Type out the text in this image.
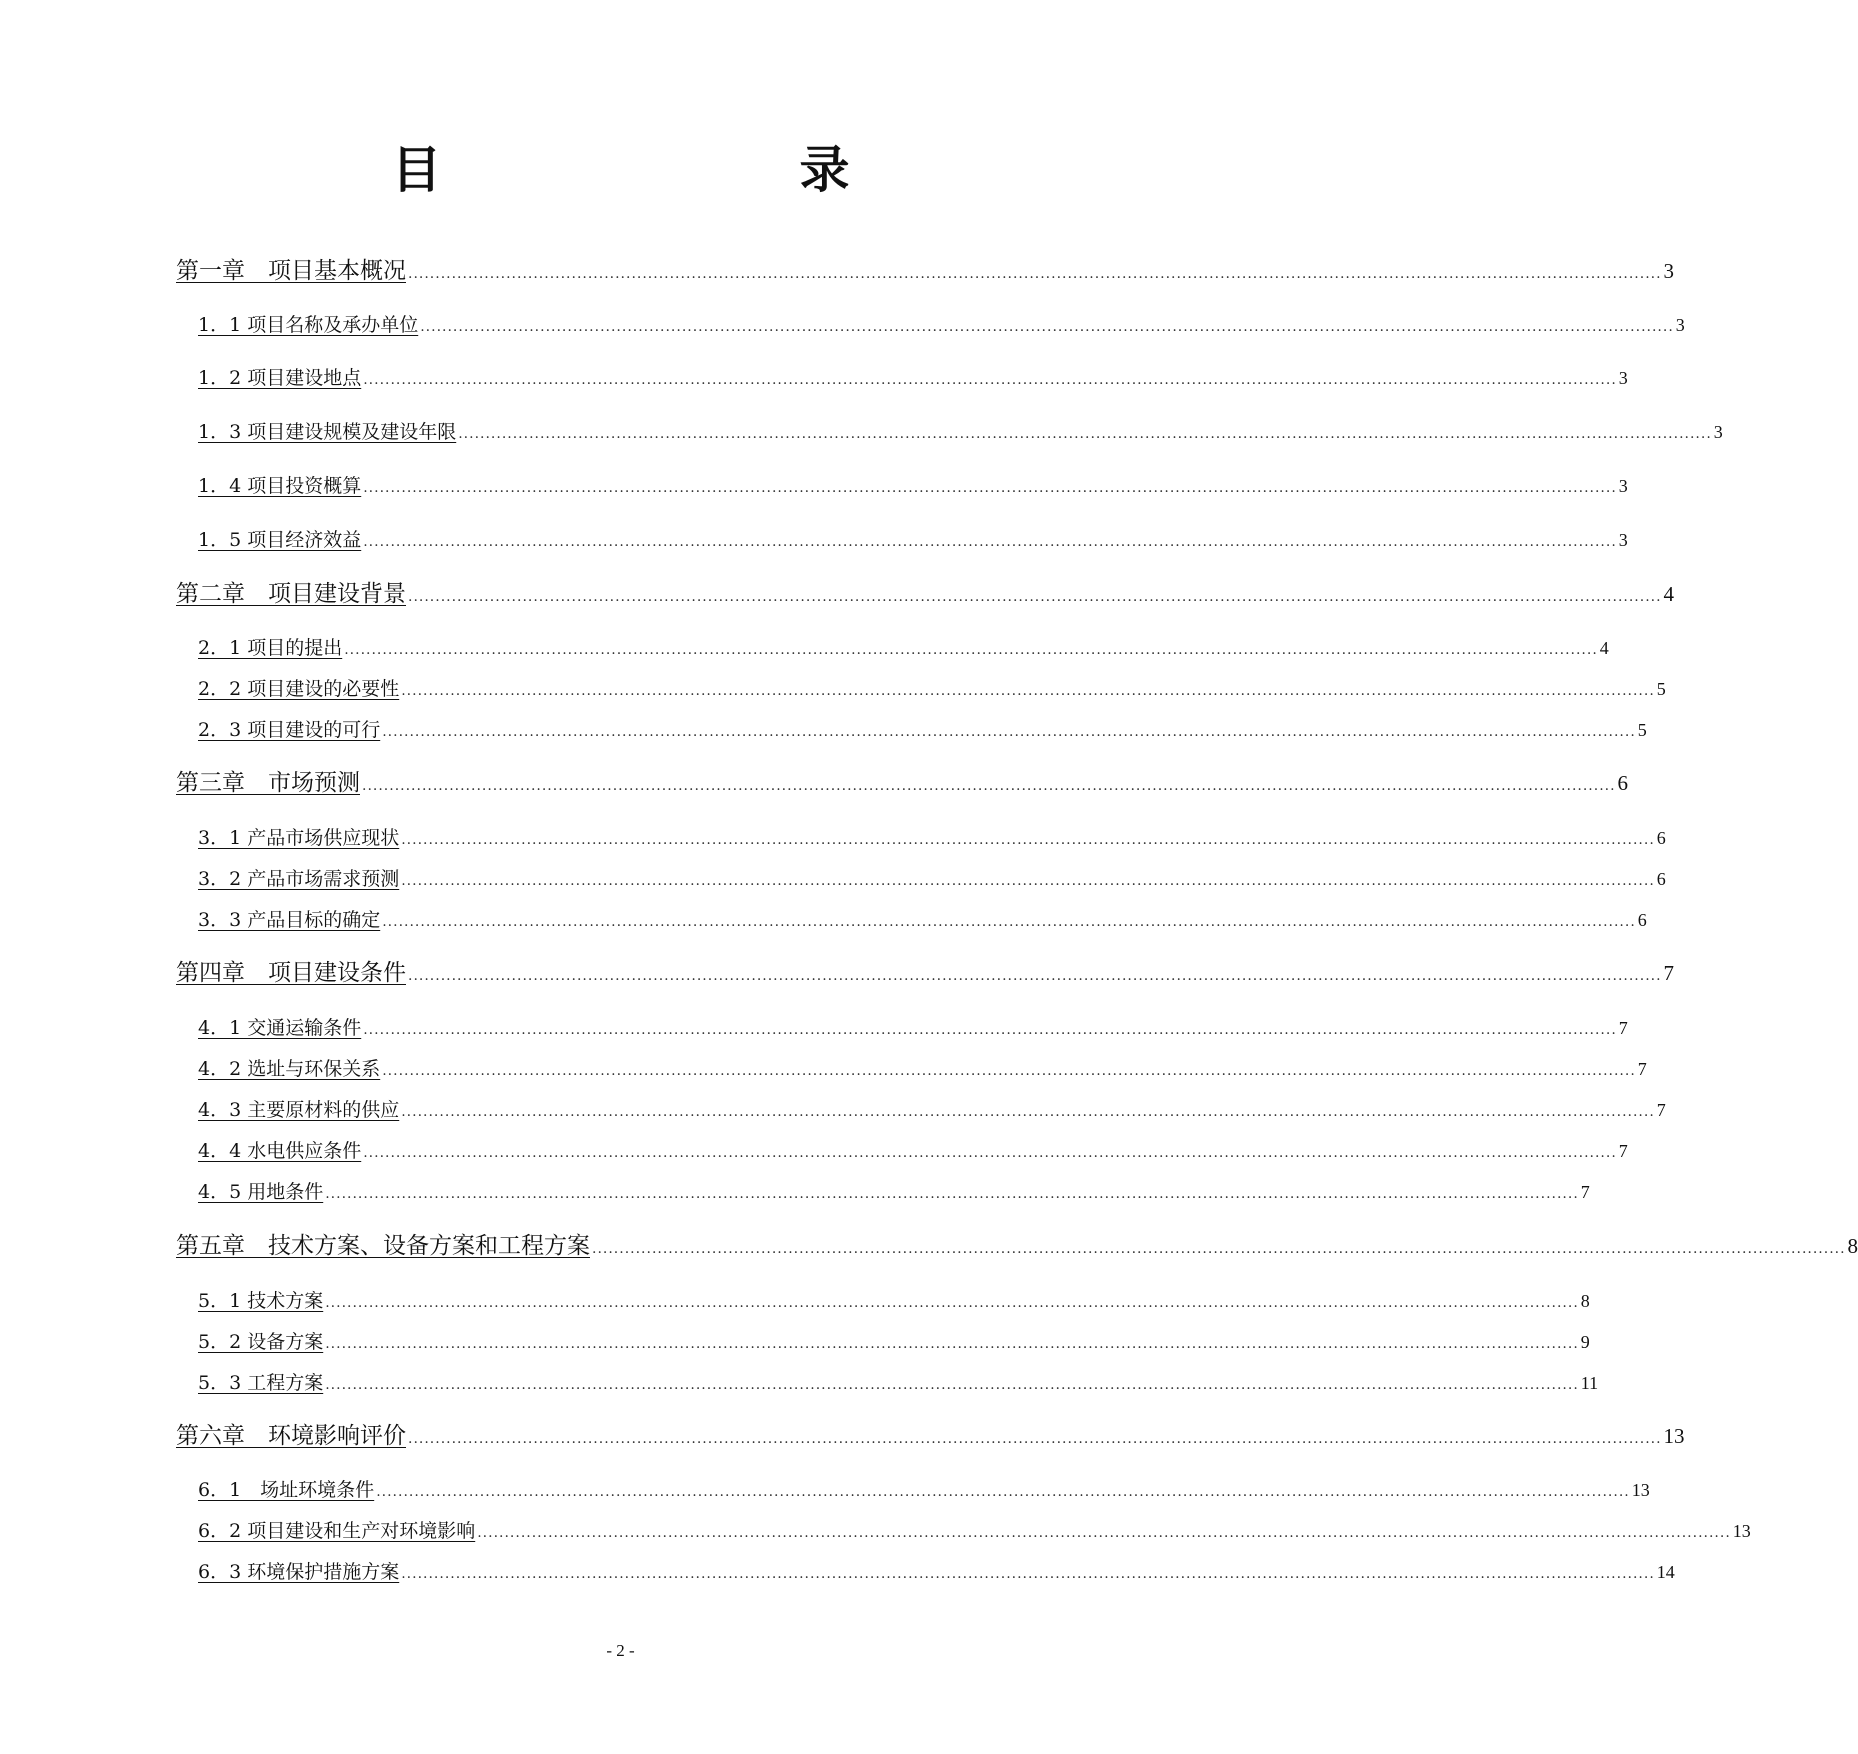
目　　录
第一章　项目基本概况 ...................................................................................................................................................................................................................................... 3
1．1 项目名称及承办单位 ...................................................................................................................................................................................................................................... 3
1．2 项目建设地点 ...................................................................................................................................................................................................................................... 3
1．3 项目建设规模及建设年限 ...................................................................................................................................................................................................................................... 3
1．4 项目投资概算 ...................................................................................................................................................................................................................................... 3
1．5 项目经济效益 ...................................................................................................................................................................................................................................... 3
第二章　项目建设背景 ...................................................................................................................................................................................................................................... 4
2．1 项目的提出 ...................................................................................................................................................................................................................................... 4
2．2 项目建设的必要性 ...................................................................................................................................................................................................................................... 5
2．3 项目建设的可行 ...................................................................................................................................................................................................................................... 5
第三章　市场预测 ...................................................................................................................................................................................................................................... 6
3．1 产品市场供应现状 ...................................................................................................................................................................................................................................... 6
3．2 产品市场需求预测 ...................................................................................................................................................................................................................................... 6
3．3 产品目标的确定 ...................................................................................................................................................................................................................................... 6
第四章　项目建设条件 ...................................................................................................................................................................................................................................... 7
4．1 交通运输条件 ...................................................................................................................................................................................................................................... 7
4．2 选址与环保关系 ...................................................................................................................................................................................................................................... 7
4．3 主要原材料的供应 ...................................................................................................................................................................................................................................... 7
4．4 水电供应条件 ...................................................................................................................................................................................................................................... 7
4．5 用地条件 ...................................................................................................................................................................................................................................... 7
第五章　技术方案、设备方案和工程方案 ...................................................................................................................................................................................................................................... 8
5．1 技术方案 ...................................................................................................................................................................................................................................... 8
5．2 设备方案 ...................................................................................................................................................................................................................................... 9
5．3 工程方案 ...................................................................................................................................................................................................................................... 11
第六章　环境影响评价 ...................................................................................................................................................................................................................................... 13
6．1　场址环境条件 ...................................................................................................................................................................................................................................... 13
6．2 项目建设和生产对环境影响 ...................................................................................................................................................................................................................................... 13
6．3 环境保护措施方案 ...................................................................................................................................................................................................................................... 14
- 2 -
